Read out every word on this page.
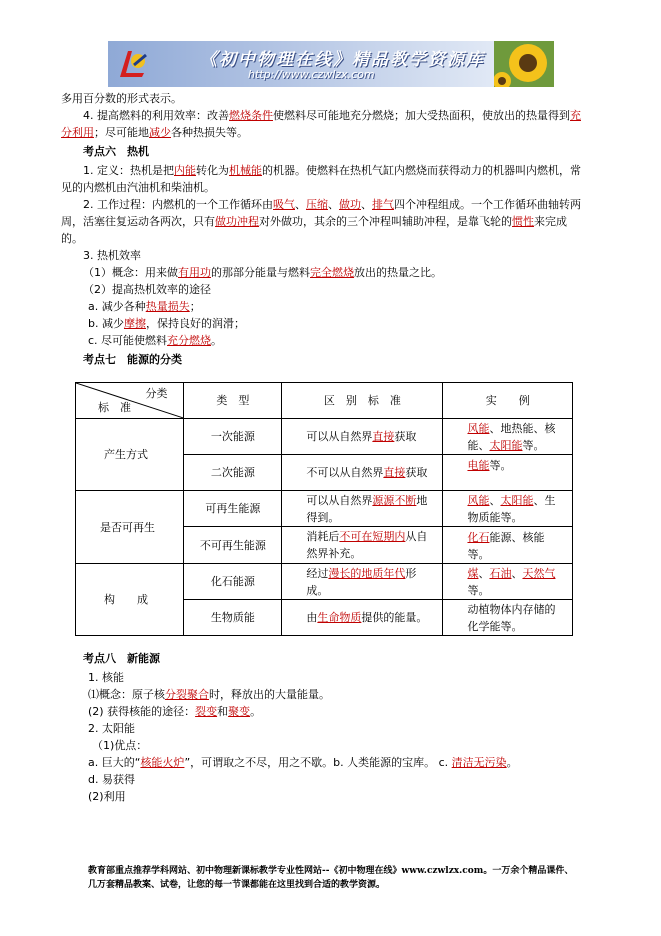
《初中物理在线》精品教学资源库
http://www.czwlzx.com

多用百分数的形式表示。

4. 提高燃料的利用效率：改善燃烧条件使燃料尽可能地充分燃烧；加大受热面积，使放出的热量得到充分利用；尽可能地减少各种热损失等。

考点六　热机

1. 定义：热机是把内能转化为机械能的机器。使燃料在热机气缸内燃烧而获得动力的机器叫内燃机，常见的内燃机由汽油机和柴油机。

2. 工作过程：内燃机的一个工作循环由吸气、压缩、做功、排气四个冲程组成。一个工作循环曲轴转两周，活塞往复运动各两次，只有做功冲程对外做功，其余的三个冲程叫辅助冲程，是靠飞轮的惯性来完成的。

3. 热机效率

（1）概念：用来做有用功的那部分能量与燃料完全燃烧放出的热量之比。

（2）提高热机效率的途径

a. 减少各种热量损失；

b. 减少摩擦，保持良好的润滑；

c. 尽可能使燃料充分燃烧。

考点七　能源的分类

分类
标　准	类　型	区　别　标　准	实　　例
产生方式	一次能源	可以从自然界直接获取	风能、地热能、核能、太阳能等。
	二次能源	不可以从自然界直接获取	电能等。
是否可再生	可再生能源	可以从自然界源源不断地得到。	风能、太阳能、生物质能等。
	不可再生能源	消耗后不可在短期内从自然界补充。	化石能源、核能等。
构　　成	化石能源	经过漫长的地质年代形成。	煤、石油、天然气等。
	生物质能	由生命物质提供的能量。	动植物体内存储的化学能等。

考点八　新能源

1. 核能

⑴概念：原子核分裂聚合时，释放出的大量能量。

(2) 获得核能的途径：裂变和聚变。

2. 太阳能

（1)优点：

a. 巨大的“核能火炉”，可谓取之不尽，用之不歇。b. 人类能源的宝库。 c. 清洁无污染。

d. 易获得

(2)利用

教育部重点推荐学科网站、初中物理新课标教学专业性网站--《初中物理在线》www.czwlzx.com。一万余个精品课件、
几万套精品教案、试卷，让您的每一节课都能在这里找到合适的教学资源。
